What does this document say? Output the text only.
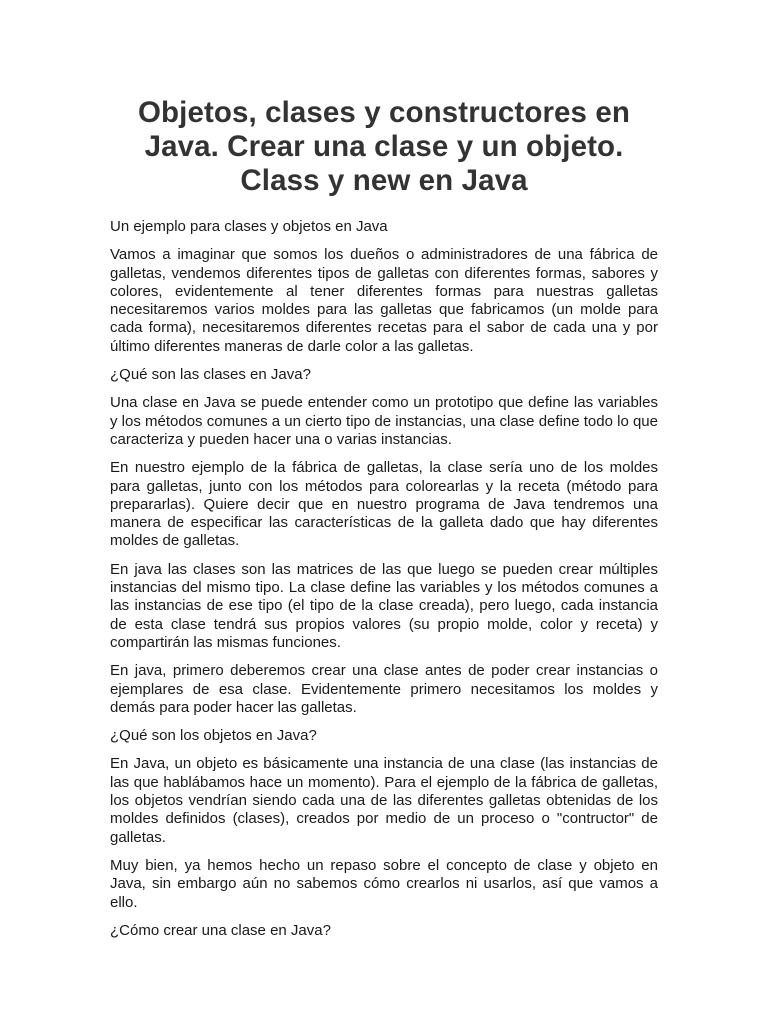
Objetos, clases y constructores en Java. Crear una clase y un objeto. Class y new en Java

Un ejemplo para clases y objetos en Java

Vamos a imaginar que somos los dueños o administradores de una fábrica de galletas, vendemos diferentes tipos de galletas con diferentes formas, sabores y colores, evidentemente al tener diferentes formas para nuestras galletas necesitaremos varios moldes para las galletas que fabricamos (un molde para cada forma), necesitaremos diferentes recetas para el sabor de cada una y por último diferentes maneras de darle color a las galletas.

¿Qué son las clases en Java?

Una clase en Java se puede entender como un prototipo que define las variables y los métodos comunes a un cierto tipo de instancias, una clase define todo lo que caracteriza y pueden hacer una o varias instancias.

En nuestro ejemplo de la fábrica de galletas, la clase sería uno de los moldes para galletas, junto con los métodos para colorearlas y la receta (método para prepararlas). Quiere decir que en nuestro programa de Java tendremos una manera de especificar las características de la galleta dado que hay diferentes moldes de galletas.

En java las clases son las matrices de las que luego se pueden crear múltiples instancias del mismo tipo. La clase define las variables y los métodos comunes a las instancias de ese tipo (el tipo de la clase creada), pero luego, cada instancia de esta clase tendrá sus propios valores (su propio molde, color y receta) y compartirán las mismas funciones.

En java, primero deberemos crear una clase antes de poder crear instancias o ejemplares de esa clase. Evidentemente primero necesitamos los moldes y demás para poder hacer las galletas.

¿Qué son los objetos en Java?

En Java, un objeto es básicamente una instancia de una clase (las instancias de las que hablábamos hace un momento). Para el ejemplo de la fábrica de galletas, los objetos vendrían siendo cada una de las diferentes galletas obtenidas de los moldes definidos (clases), creados por medio de un proceso o "contructor" de galletas.

Muy bien, ya hemos hecho un repaso sobre el concepto de clase y objeto en Java, sin embargo aún no sabemos cómo crearlos ni usarlos, así que vamos a ello.

¿Cómo crear una clase en Java?
